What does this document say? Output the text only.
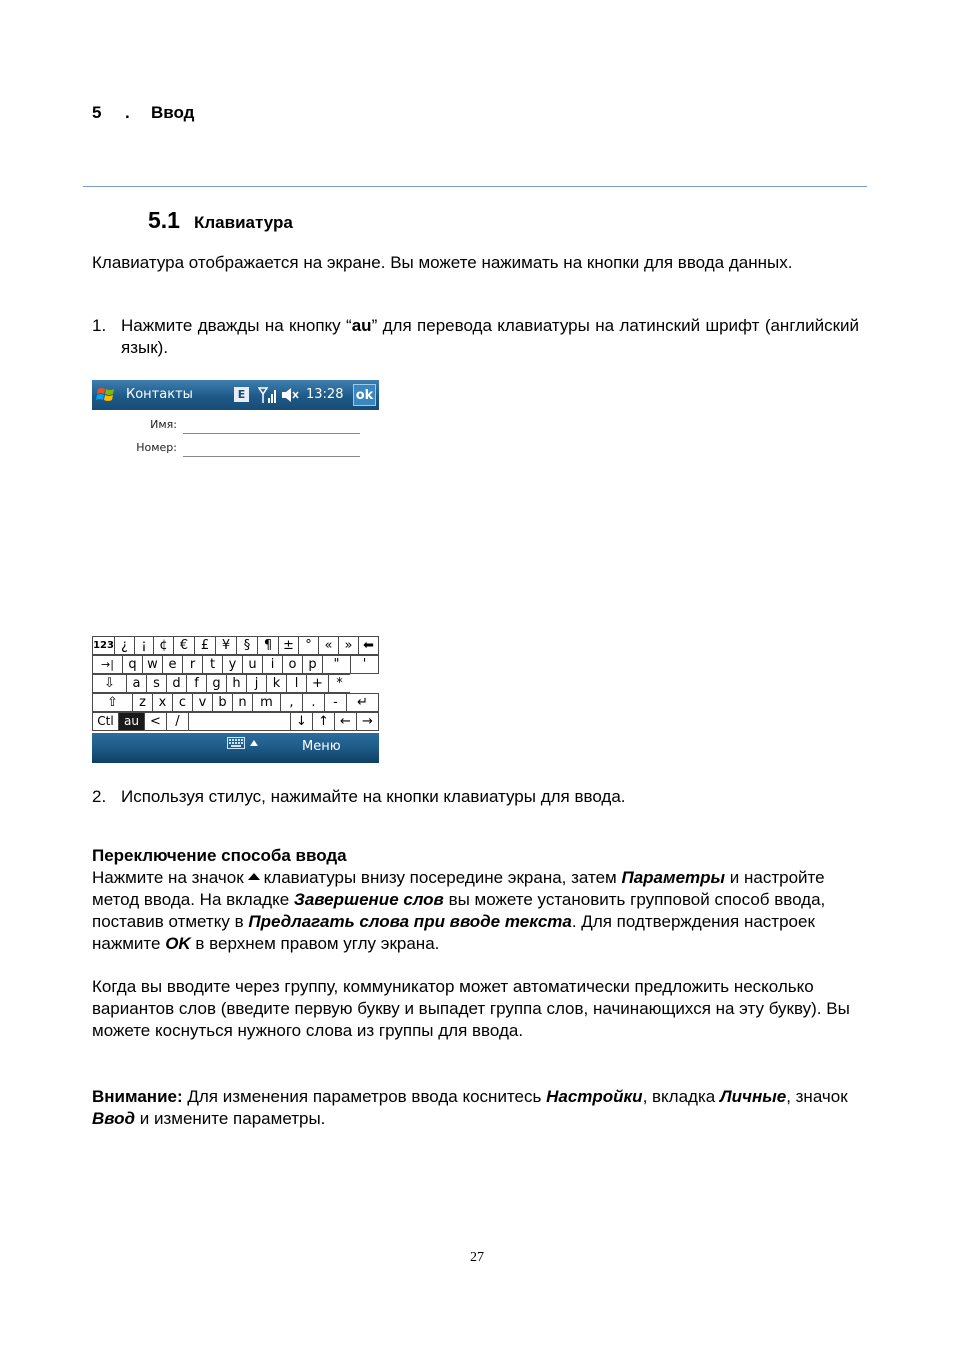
5 . Ввод
5.1 Клавиатура
Клавиатура отображается на экране. Вы можете нажимать на кнопки для ввода данных.
1. Нажмите дважды на кнопку “au” для перевода клавиатуры на латинский шрифт (английский язык).
Контакты	E	13:28 ok
Имя:
Номер:
123 ¿	¡ ¢ € £ ¥	§	¶ ± ° « » ⬅
→|	q w e	r	t	y u	i	o p	"	'
⇩	a s d	f	g h	j	k	l	+	*
⇧	z x c v b n	m	,	.	-	↵
Ctl au <	/	↓ ↑ ← →
Меню
2. Используя стилус, нажимайте на кнопки клавиатуры для ввода.
Переключение способа ввода
Нажмите на значок клавиатуры внизу посередине экрана, затем Параметры и настройте метод ввода. На вкладке Завершение слов вы можете установить групповой способ ввода, поставив отметку в Предлагать слова при вводе текста. Для подтверждения настроек нажмите OK в верхнем правом углу экрана.
Когда вы вводите через группу, коммуникатор может автоматически предложить несколько вариантов слов (введите первую букву и выпадет группа слов, начинающихся на эту букву). Вы можете коснуться нужного слова из группы для ввода.
Внимание: Для изменения параметров ввода коснитесь Настройки, вкладка Личные, значок Ввод и измените параметры.
27
